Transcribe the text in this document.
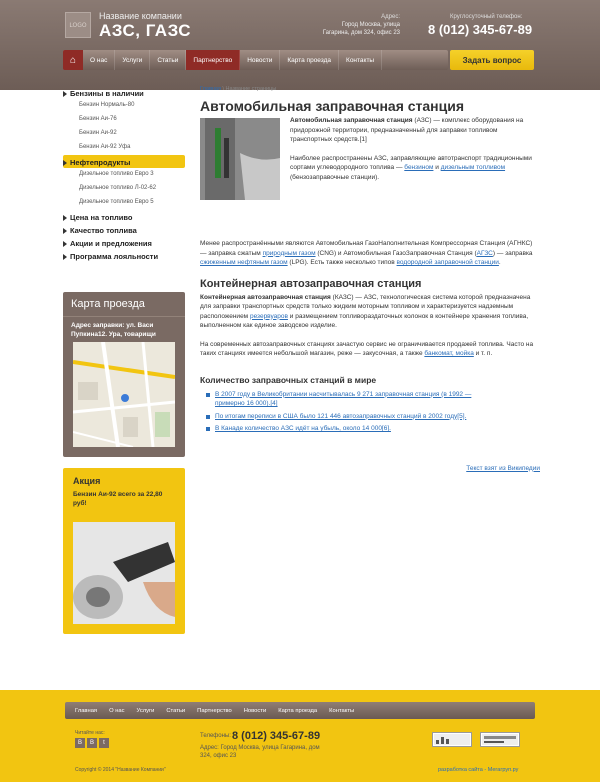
LOGO
Название компании
АЗС, ГАЗС
Адрес:
Город Москва, улица Гагарина, дом 324, офис 23
Круглосуточный телефон:
8 (012) 345-67-89
⌂	О нас	Услуги	Статьи	Партнерство	Новости	Карта проезда	Контакты	Задать вопрос
Бензины в наличии
Бензин Нормаль-80
Бензин Аи-76
Бензин Аи-92
Бензин Аи-92 Уфа
Нефтепродукты
Дизельное топливо Евро 3
Дизельное топливо Л-02-62
Дизельное топливо Евро 5
Цена на топливо
Качество топлива
Акции и предложения
Программа лояльности
Карта проезда
Адрес заправки: ул. Васи Пупкина12. Ура, товарищи
Акция
Бензин Аи-92 всего за 22,80 руб!
Главная \ Название страницы
Автомобильная заправочная станция
Автомобильная заправочная станция (АЗС) — комплекс оборудования на придорожной территории, предназначенный для заправки топливом транспортных средств.[1]
Наиболее распространены АЗС, заправляющие автотранспорт традиционными сортами углеводородного топлива — бензином и дизельным топливом (бензозаправочные станции).
Менее распространёнными являются Автомобильная ГазоНаполнительная Компрессорная Станция (АГНКС) — заправка сжатым природным газом (CNG) и Автомобильная ГазоЗаправочная Станция (АГЗС) — заправка сжиженным нефтяным газом (LPG). Есть также несколько типов водородной заправочной станции.
Контейнерная автозаправочная станция
Контейнерная автозаправочная станция (КАЗС) — АЗС, технологическая система которой предназначена для заправки транспортных средств только жидким моторным топливом и характеризуется надземным расположением резервуаров и размещением топливораздаточных колонок в контейнере хранения топлива, выполненном как единое заводское изделие.
На современных автозаправочных станциях зачастую сервис не ограничивается продажей топлива. Часто на таких станциях имеется небольшой магазин, реже — закусочная, а также банкомат, мойка и т. п.
Количество заправочных станций в мире
В 2007 году в Великобритании насчитывалась 9 271 заправочная станция (в 1992 — примерно 16 000).[4]
По итогам переписи в США было 121 446 автозаправочных станций в 2002 году[5].
В Канаде количество АЗС идёт на убыль, около 14 000[6].
Текст взят из Википедии
Главная	О нас	Услуги	Статьи	Партнерство	Новости	Карта проезда	Контакты
Читайте нас:
В	B	t
Телефоны: 8 (012) 345-67-89
Адрес: Город Москва, улица Гагарина, дом 324, офис 23
Copyright © 2014 "Название Компании"	разработка сайта - Мегагруп.ру
